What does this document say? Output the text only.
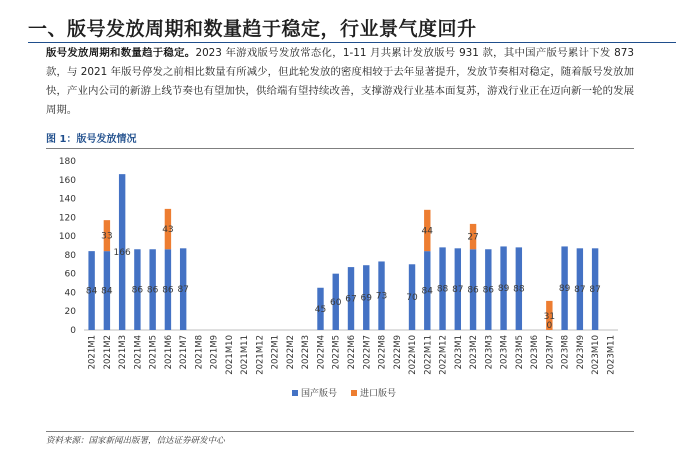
一、版号发放周期和数量趋于稳定，行业景气度回升
版号发放周期和数量趋于稳定。2023 年游戏版号发放常态化，1-11 月共累计发放版号 931 款，其中国产版号累计下发 873 款，与 2021 年版号停发之前相比数量有所减少，但此轮发放的密度相较于去年显著提升，发放节奏相对稳定，随着版号发放加快，产业内公司的新游上线节奏也有望加快，供给端有望持续改善，支撑游戏行业基本面复苏，游戏行业正在迈向新一轮的发展周期。
图 1：版号发放情况
0
20
40
60
80
100
120
140
160
180
84 84
33
166
86 86 86
43
87
45
60 67 69 73 70
84
44
88 87 86
27
86 89 88
0
31
89 87 87
2021M1 2021M2 2021M3 2021M4 2021M5 2021M6 2021M7 2021M8 2021M9 2021M10 2021M11 2021M12 2022M1 2022M2 2022M3 2022M4 2022M5 2022M6 2022M7 2022M8 2022M9 2022M10 2022M11 2022M12 2023M1 2023M2 2023M3 2023M4 2023M5 2023M6 2023M7 2023M8 2023M9 2023M10 2023M11
国产版号	进口版号
资料来源：国家新闻出版署，信达证券研发中心
